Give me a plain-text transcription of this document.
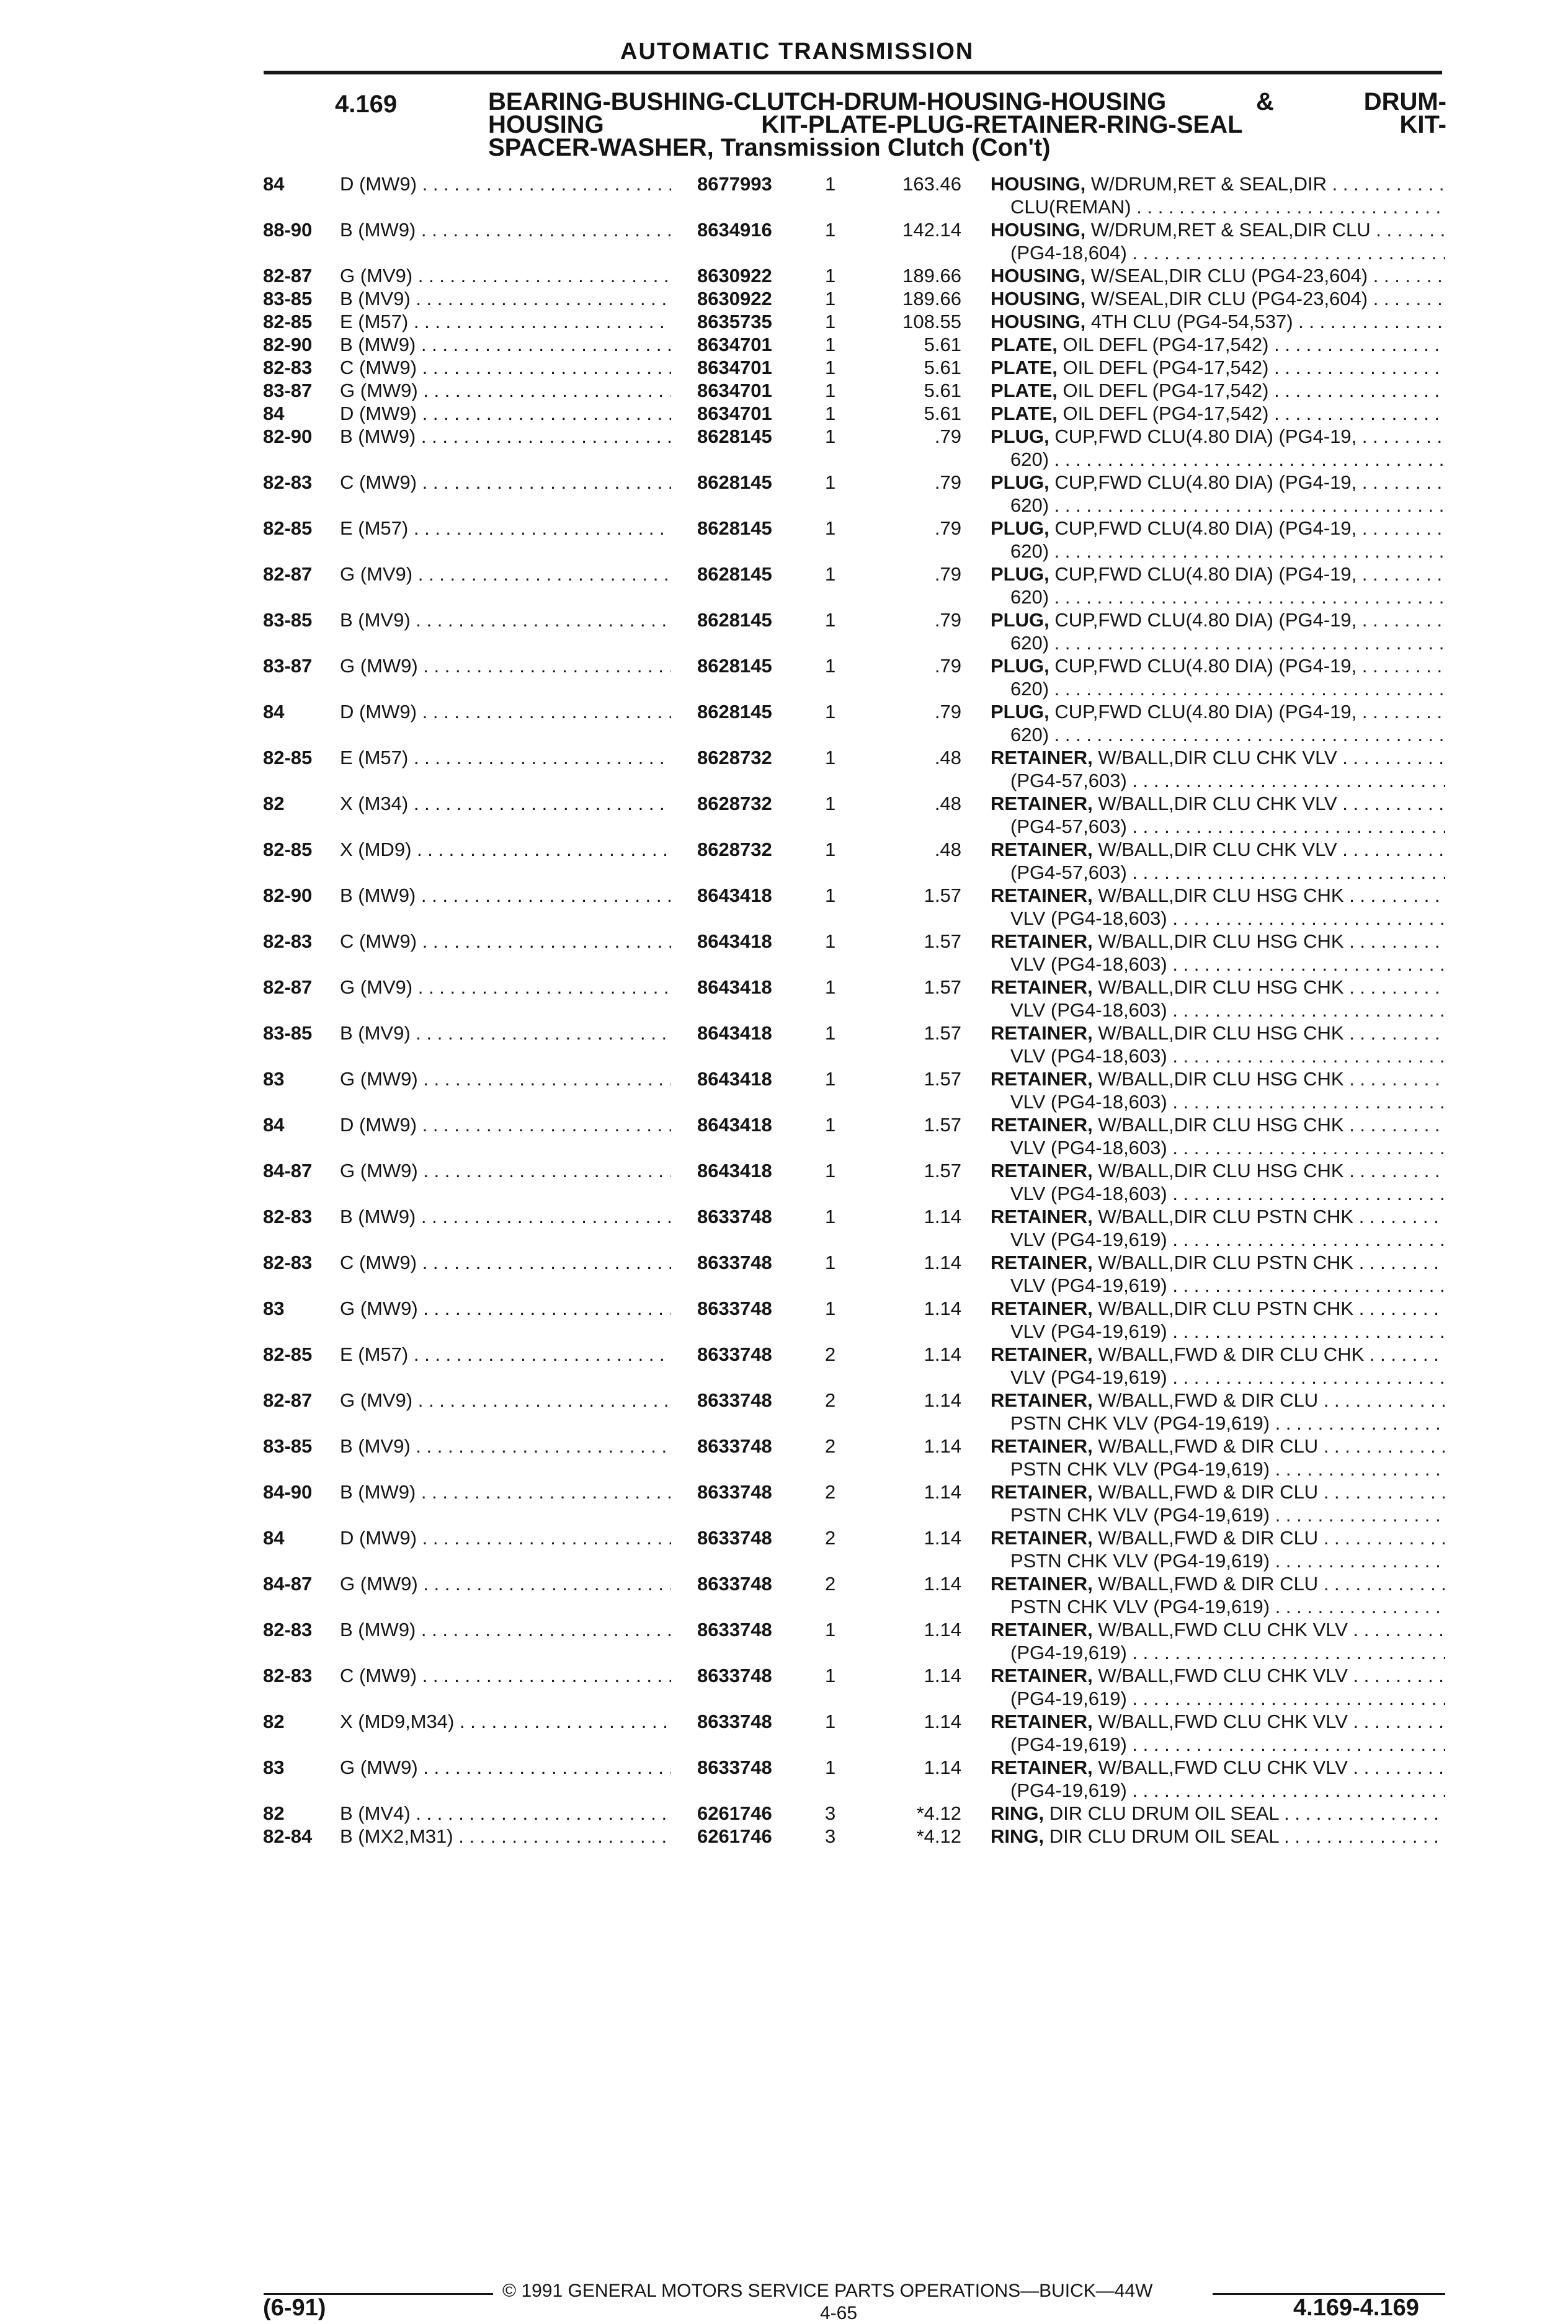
AUTOMATIC TRANSMISSION
4.169	BEARING-BUSHING-CLUTCH-DRUM-HOUSING-HOUSING & DRUM-
HOUSING KIT-PLATE-PLUG-RETAINER-RING-SEAL KIT-
SPACER-WASHER, Transmission Clutch (Con't)
84	D (MW9) . . .	8677993	1	163.46 HOUSING, W/DRUM,RET & SEAL,DIR . . .
CLU(REMAN) . . .
88-90 B (MW9) . . .	8634916	1	142.14 HOUSING, W/DRUM,RET & SEAL,DIR CLU . . .
(PG4-18,604) . . .
82-87 G (MV9) . . .	8630922	1	189.66 HOUSING, W/SEAL,DIR CLU (PG4-23,604) . . .
83-85 B (MV9) . . .	8630922	1	189.66 HOUSING, W/SEAL,DIR CLU (PG4-23,604) . . .
82-85 E (M57) . . .	8635735	1	108.55 HOUSING, 4TH CLU (PG4-54,537) . . .
82-90 B (MW9) . . .	8634701	1	5.61 PLATE, OIL DEFL (PG4-17,542) . . .
82-83 C (MW9) . . .	8634701	1	5.61 PLATE, OIL DEFL (PG4-17,542) . . .
83-87 G (MW9) . . .	8634701	1	5.61 PLATE, OIL DEFL (PG4-17,542) . . .
84	D (MW9) . . .	8634701	1	5.61 PLATE, OIL DEFL (PG4-17,542) . . .
82-90 B (MW9) . . .	8628145	1	.79 PLUG, CUP,FWD CLU(4.80 DIA) (PG4-19, . . .
620) . . .
82-83 C (MW9) . . .	8628145	1	.79 PLUG, CUP,FWD CLU(4.80 DIA) (PG4-19, . . .
620) . . .
82-85 E (M57) . . .	8628145	1	.79 PLUG, CUP,FWD CLU(4.80 DIA) (PG4-19, . . .
620) . . .
82-87 G (MV9) . . .	8628145	1	.79 PLUG, CUP,FWD CLU(4.80 DIA) (PG4-19, . . .
620) . . .
83-85 B (MV9) . . .	8628145	1	.79 PLUG, CUP,FWD CLU(4.80 DIA) (PG4-19, . . .
620) . . .
83-87 G (MW9) . . .	8628145	1	.79 PLUG, CUP,FWD CLU(4.80 DIA) (PG4-19, . . .
620) . . .
84	D (MW9) . . .	8628145	1	.79 PLUG, CUP,FWD CLU(4.80 DIA) (PG4-19, . . .
620) . . .
82-85 E (M57) . . .	8628732	1	.48 RETAINER, W/BALL,DIR CLU CHK VLV . . .
(PG4-57,603) . . .
82	X (M34) . . .	8628732	1	.48 RETAINER, W/BALL,DIR CLU CHK VLV . . .
(PG4-57,603) . . .
82-85 X (MD9) . . .	8628732	1	.48 RETAINER, W/BALL,DIR CLU CHK VLV . . .
(PG4-57,603) . . .
82-90 B (MW9) . . .	8643418	1	1.57 RETAINER, W/BALL,DIR CLU HSG CHK . . .
VLV (PG4-18,603) . . .
82-83 C (MW9) . . .	8643418	1	1.57 RETAINER, W/BALL,DIR CLU HSG CHK . . .
VLV (PG4-18,603) . . .
82-87 G (MV9) . . .	8643418	1	1.57 RETAINER, W/BALL,DIR CLU HSG CHK . . .
VLV (PG4-18,603) . . .
83-85 B (MV9) . . .	8643418	1	1.57 RETAINER, W/BALL,DIR CLU HSG CHK . . .
VLV (PG4-18,603) . . .
83	G (MW9) . . .	8643418	1	1.57 RETAINER, W/BALL,DIR CLU HSG CHK . . .
VLV (PG4-18,603) . . .
84	D (MW9) . . .	8643418	1	1.57 RETAINER, W/BALL,DIR CLU HSG CHK . . .
VLV (PG4-18,603) . . .
84-87 G (MW9) . . .	8643418	1	1.57 RETAINER, W/BALL,DIR CLU HSG CHK . . .
VLV (PG4-18,603) . . .
82-83 B (MW9) . . .	8633748	1	1.14 RETAINER, W/BALL,DIR CLU PSTN CHK . . .
VLV (PG4-19,619) . . .
82-83 C (MW9) . . .	8633748	1	1.14 RETAINER, W/BALL,DIR CLU PSTN CHK . . .
VLV (PG4-19,619) . . .
83	G (MW9) . . .	8633748	1	1.14 RETAINER, W/BALL,DIR CLU PSTN CHK . . .
VLV (PG4-19,619) . . .
82-85 E (M57) . . .	8633748	2	1.14 RETAINER, W/BALL,FWD & DIR CLU CHK . . .
VLV (PG4-19,619) . . .
82-87 G (MV9) . . .	8633748	2	1.14 RETAINER, W/BALL,FWD & DIR CLU . . .
PSTN CHK VLV (PG4-19,619) . . .
83-85 B (MV9) . . .	8633748	2	1.14 RETAINER, W/BALL,FWD & DIR CLU . . .
PSTN CHK VLV (PG4-19,619) . . .
84-90 B (MW9) . . .	8633748	2	1.14 RETAINER, W/BALL,FWD & DIR CLU . . .
PSTN CHK VLV (PG4-19,619) . . .
84	D (MW9) . . .	8633748	2	1.14 RETAINER, W/BALL,FWD & DIR CLU . . .
PSTN CHK VLV (PG4-19,619) . . .
84-87 G (MW9) . . .	8633748	2	1.14 RETAINER, W/BALL,FWD & DIR CLU . . .
PSTN CHK VLV (PG4-19,619) . . .
82-83 B (MW9) . . .	8633748	1	1.14 RETAINER, W/BALL,FWD CLU CHK VLV . . .
(PG4-19,619) . . .
82-83 C (MW9) . . .	8633748	1	1.14 RETAINER, W/BALL,FWD CLU CHK VLV . . .
(PG4-19,619) . . .
82	X (MD9,M34) . . .	8633748	1	1.14 RETAINER, W/BALL,FWD CLU CHK VLV . . .
(PG4-19,619) . . .
83	G (MW9) . . .	8633748	1	1.14 RETAINER, W/BALL,FWD CLU CHK VLV . . .
(PG4-19,619) . . .
82	B (MV4) . . .	6261746	3	*4.12 RING, DIR CLU DRUM OIL SEAL . . .
82-84 B (MX2,M31) . . .	6261746	3	*4.12 RING, DIR CLU DRUM OIL SEAL . . .
© 1991 GENERAL MOTORS SERVICE PARTS OPERATIONS—BUICK—44W
(6-91)	4-65	4.169-4.169
